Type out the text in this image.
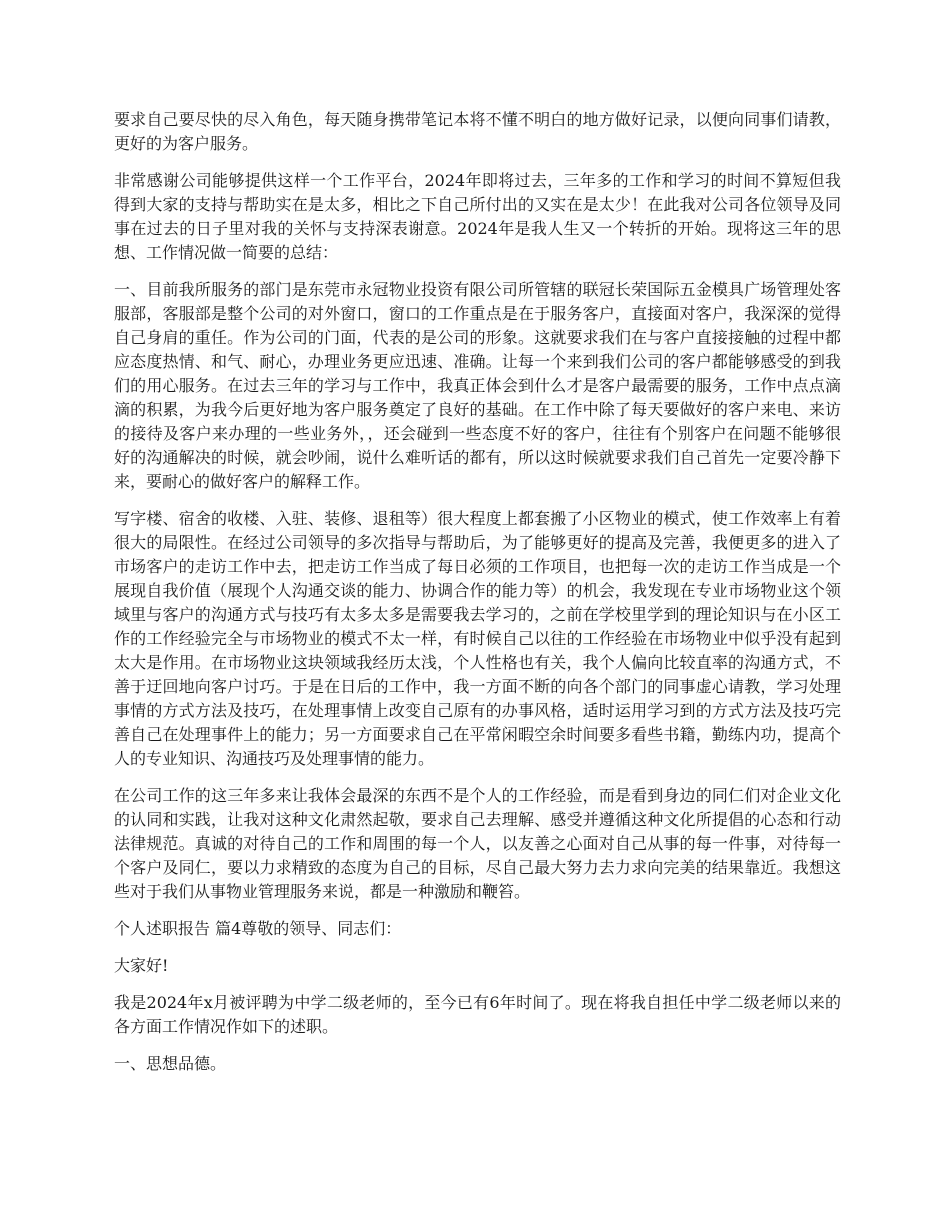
要求自己要尽快的尽入角色，每天随身携带笔记本将不懂不明白的地方做好记录，以便向同事们请教，更好的为客户服务。

非常感谢公司能够提供这样一个工作平台，2024年即将过去，三年多的工作和学习的时间不算短但我得到大家的支持与帮助实在是太多，相比之下自己所付出的又实在是太少！在此我对公司各位领导及同事在过去的日子里对我的关怀与支持深表谢意。2024年是我人生又一个转折的开始。现将这三年的思想、工作情况做一简要的总结：

一、目前我所服务的部门是东莞市永冠物业投资有限公司所管辖的联冠长荣国际五金模具广场管理处客服部，客服部是整个公司的对外窗口，窗口的工作重点是在于服务客户，直接面对客户，我深深的觉得自己身肩的重任。作为公司的门面，代表的是公司的形象。这就要求我们在与客户直接接触的过程中都应态度热情、和气、耐心，办理业务更应迅速、准确。让每一个来到我们公司的客户都能够感受的到我们的用心服务。在过去三年的学习与工作中，我真正体会到什么才是客户最需要的服务，工作中点点滴滴的积累，为我今后更好地为客户服务奠定了良好的基础。在工作中除了每天要做好的客户来电、来访的接待及客户来办理的一些业务外，，还会碰到一些态度不好的客户，往往有个别客户在问题不能够很好的沟通解决的时候，就会吵闹，说什么难听话的都有，所以这时候就要求我们自己首先一定要冷静下来，要耐心的做好客户的解释工作。

写字楼、宿舍的收楼、入驻、装修、退租等）很大程度上都套搬了小区物业的模式，使工作效率上有着很大的局限性。在经过公司领导的多次指导与帮助后，为了能够更好的提高及完善，我便更多的进入了市场客户的走访工作中去，把走访工作当成了每日必须的工作项目，也把每一次的走访工作当成是一个展现自我价值（展现个人沟通交谈的能力、协调合作的能力等）的机会，我发现在专业市场物业这个领域里与客户的沟通方式与技巧有太多太多是需要我去学习的，之前在学校里学到的理论知识与在小区工作的工作经验完全与市场物业的模式不太一样，有时候自己以往的工作经验在市场物业中似乎没有起到太大是作用。在市场物业这块领域我经历太浅，个人性格也有关，我个人偏向比较直率的沟通方式，不善于迂回地向客户讨巧。于是在日后的工作中，我一方面不断的向各个部门的同事虚心请教，学习处理事情的方式方法及技巧，在处理事情上改变自己原有的办事风格，适时运用学习到的方式方法及技巧完善自己在处理事件上的能力；另一方面要求自己在平常闲暇空余时间要多看些书籍，勤练内功，提高个人的专业知识、沟通技巧及处理事情的能力。

在公司工作的这三年多来让我体会最深的东西不是个人的工作经验，而是看到身边的同仁们对企业文化的认同和实践，让我对这种文化肃然起敬，要求自己去理解、感受并遵循这种文化所提倡的心态和行动法律规范。真诚的对待自己的工作和周围的每一个人，以友善之心面对自己从事的每一件事，对待每一个客户及同仁，要以力求精致的态度为自己的目标，尽自己最大努力去力求向完美的结果靠近。我想这些对于我们从事物业管理服务来说，都是一种激励和鞭笞。

个人述职报告 篇4尊敬的领导、同志们：

大家好!

我是2024年x月被评聘为中学二级老师的，至今已有6年时间了。现在将我自担任中学二级老师以来的各方面工作情况作如下的述职。

一、思想品德。
